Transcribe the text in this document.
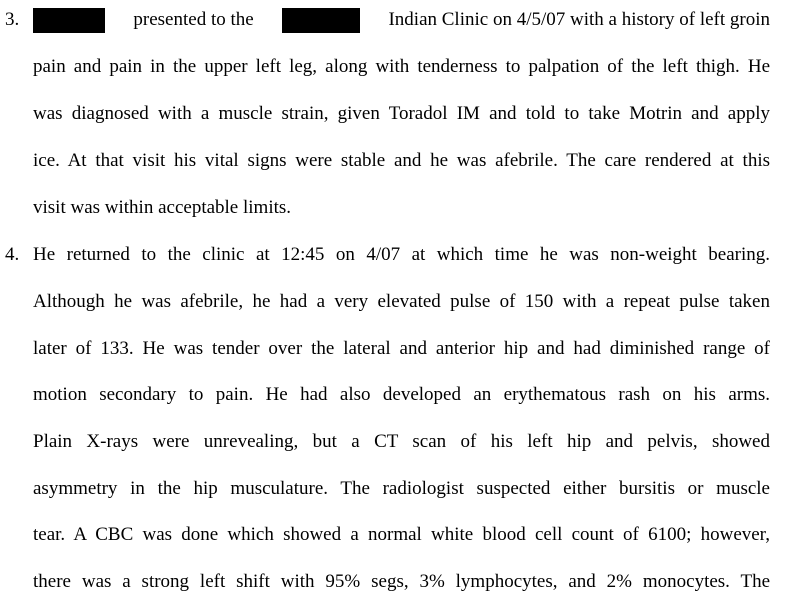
3.	presented to the	Indian Clinic on 4/5/07 with a history of left groin
pain and pain in the upper left leg, along with tenderness to palpation of the left thigh. He
was diagnosed with a muscle strain, given Toradol IM and told to take Motrin and apply
ice. At that visit his vital signs were stable and he was afebrile. The care rendered at this
visit was within acceptable limits.
4. He returned to the clinic at 12:45 on 4/07 at which time he was non-weight bearing.
Although he was afebrile, he had a very elevated pulse of 150 with a repeat pulse taken
later of 133. He was tender over the lateral and anterior hip and had diminished range of
motion secondary to pain. He had also developed an erythematous rash on his arms.
Plain X-rays were unrevealing, but a CT scan of his left hip and pelvis, showed
asymmetry in the hip musculature. The radiologist suspected either bursitis or muscle
tear. A CBC was done which showed a normal white blood cell count of 6100; however,
there was a strong left shift with 95% segs, 3% lymphocytes, and 2% monocytes. The
